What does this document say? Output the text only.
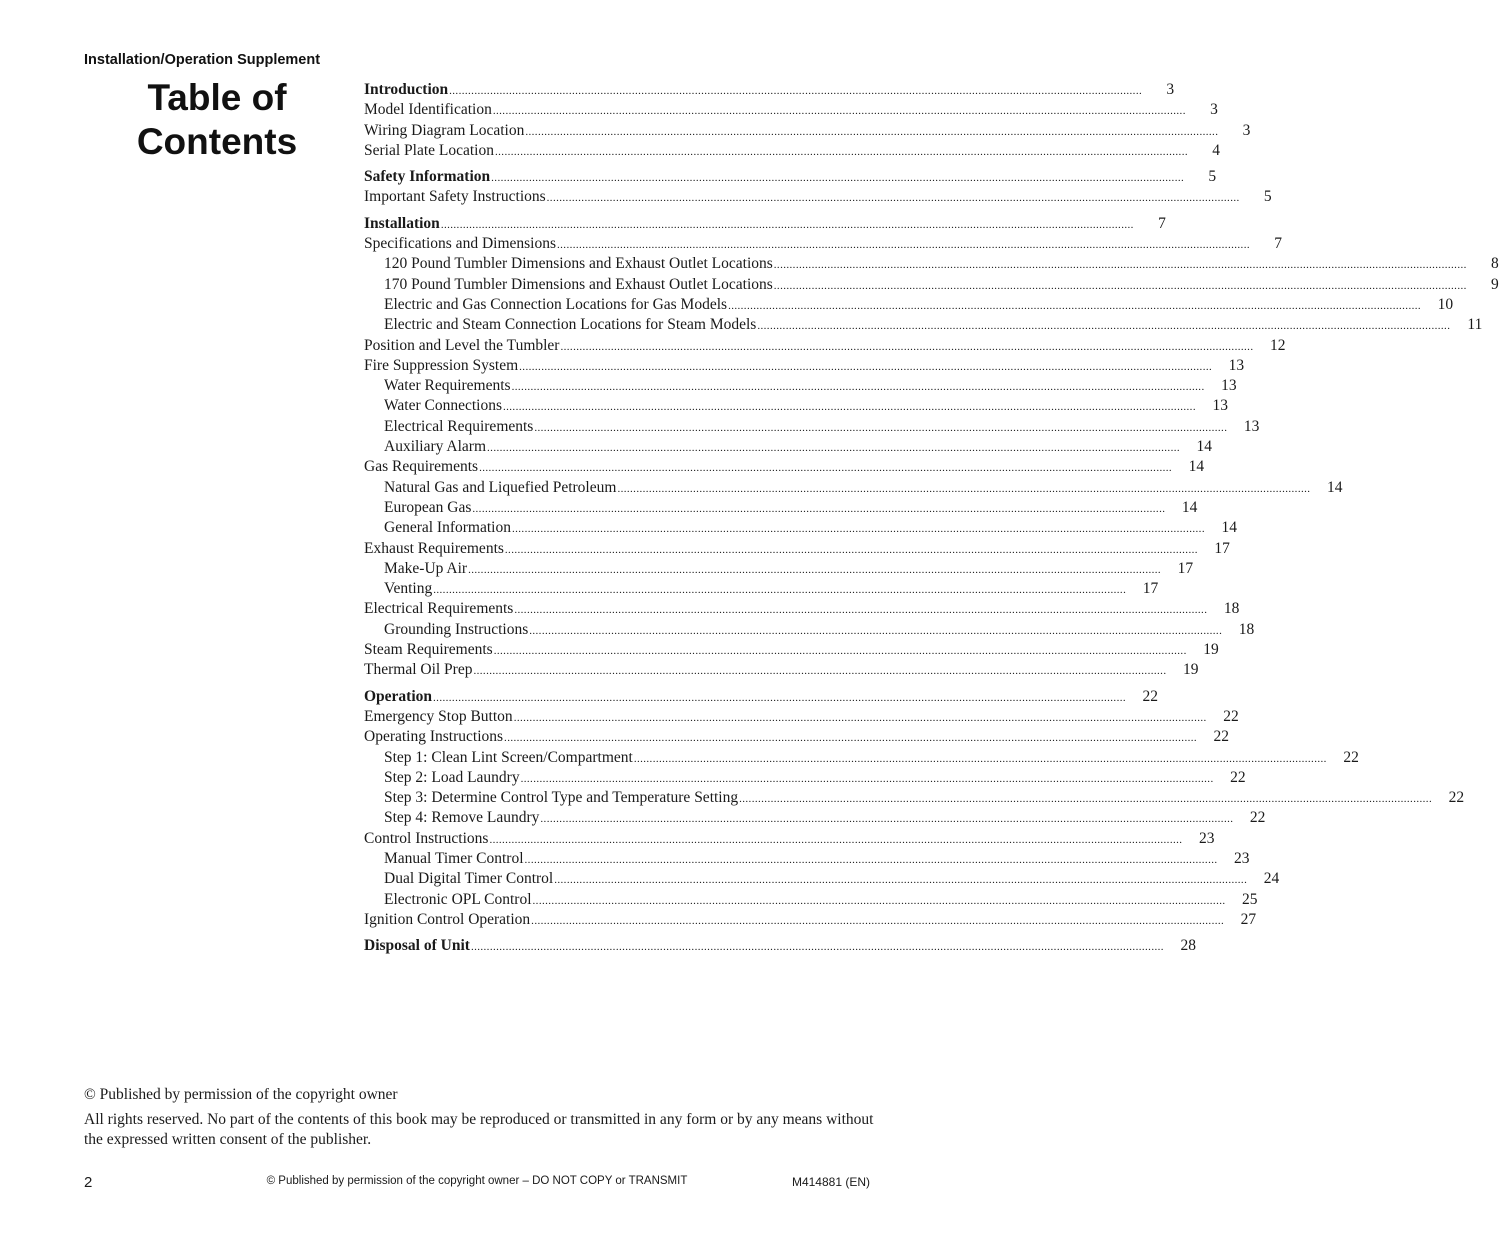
Installation/Operation Supplement
Table of
Contents
Introduction ............................................................................................................................................................................................................................	3
Model Identification ............................................................................................................................................................................................................................	3
Wiring Diagram Location ............................................................................................................................................................................................................................	3
Serial Plate Location ............................................................................................................................................................................................................................	4
Safety Information ............................................................................................................................................................................................................................	5
Important Safety Instructions ............................................................................................................................................................................................................................	5
Installation ............................................................................................................................................................................................................................	7
Specifications and Dimensions ............................................................................................................................................................................................................................	7
120 Pound Tumbler Dimensions and Exhaust Outlet Locations ............................................................................................................................................................................................................................	8
170 Pound Tumbler Dimensions and Exhaust Outlet Locations ............................................................................................................................................................................................................................	9
Electric and Gas Connection Locations for Gas Models ............................................................................................................................................................................................................................	10
Electric and Steam Connection Locations for Steam Models ............................................................................................................................................................................................................................	11
Position and Level the Tumbler ............................................................................................................................................................................................................................	12
Fire Suppression System ............................................................................................................................................................................................................................	13
Water Requirements ............................................................................................................................................................................................................................	13
Water Connections ............................................................................................................................................................................................................................	13
Electrical Requirements ............................................................................................................................................................................................................................	13
Auxiliary Alarm ............................................................................................................................................................................................................................	14
Gas Requirements ............................................................................................................................................................................................................................	14
Natural Gas and Liquefied Petroleum ............................................................................................................................................................................................................................	14
European Gas ............................................................................................................................................................................................................................	14
General Information ............................................................................................................................................................................................................................	14
Exhaust Requirements ............................................................................................................................................................................................................................	17
Make-Up Air ............................................................................................................................................................................................................................	17
Venting ............................................................................................................................................................................................................................	17
Electrical Requirements ............................................................................................................................................................................................................................	18
Grounding Instructions ............................................................................................................................................................................................................................	18
Steam Requirements ............................................................................................................................................................................................................................	19
Thermal Oil Prep ............................................................................................................................................................................................................................	19
Operation ............................................................................................................................................................................................................................	22
Emergency Stop Button ............................................................................................................................................................................................................................	22
Operating Instructions ............................................................................................................................................................................................................................	22
Step 1: Clean Lint Screen/Compartment ............................................................................................................................................................................................................................	22
Step 2: Load Laundry ............................................................................................................................................................................................................................	22
Step 3: Determine Control Type and Temperature Setting ............................................................................................................................................................................................................................	22
Step 4: Remove Laundry ............................................................................................................................................................................................................................	22
Control Instructions ............................................................................................................................................................................................................................	23
Manual Timer Control ............................................................................................................................................................................................................................	23
Dual Digital Timer Control ............................................................................................................................................................................................................................	24
Electronic OPL Control ............................................................................................................................................................................................................................	25
Ignition Control Operation ............................................................................................................................................................................................................................	27
Disposal of Unit ............................................................................................................................................................................................................................	28
© Published by permission of the copyright owner
All rights reserved. No part of the contents of this book may be reproduced or transmitted in any form or by any means without the expressed written consent of the publisher.
2	© Published by permission of the copyright owner – DO NOT COPY or TRANSMIT	M414881 (EN)
